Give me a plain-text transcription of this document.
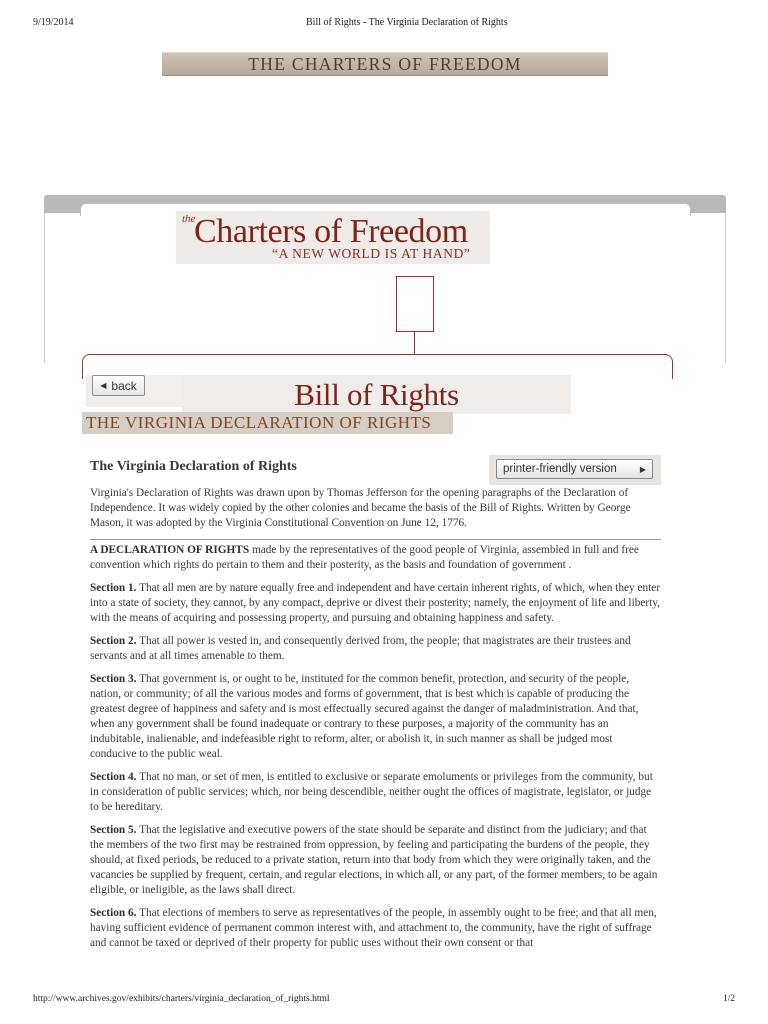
9/19/2014	Bill of Rights - The Virginia Declaration of Rights
THE CHARTERS OF FREEDOM
the
Charters of Freedom
“A NEW WORLD IS AT HAND”
◀ back	Bill of Rights
THE VIRGINIA DECLARATION OF RIGHTS
The Virginia Declaration of Rights	printer-friendly version	▶

Virginia's Declaration of Rights was drawn upon by Thomas Jefferson for the opening paragraphs of the Declaration of Independence. It was widely copied by the other colonies and became the basis of the Bill of Rights. Written by George Mason, it was adopted by the Virginia Constitutional Convention on June 12, 1776.

A DECLARATION OF RIGHTS made by the representatives of the good people of Virginia, assembled in full and free convention which rights do pertain to them and their posterity, as the basis and foundation of government .

Section 1. That all men are by nature equally free and independent and have certain inherent rights, of which, when they enter into a state of society, they cannot, by any compact, deprive or divest their posterity; namely, the enjoyment of life and liberty, with the means of acquiring and possessing property, and pursuing and obtaining happiness and safety.

Section 2. That all power is vested in, and consequently derived from, the people; that magistrates are their trustees and servants and at all times amenable to them.

Section 3. That government is, or ought to be, instituted for the common benefit, protection, and security of the people, nation, or community; of all the various modes and forms of government, that is best which is capable of producing the greatest degree of happiness and safety and is most effectually secured against the danger of maladministration. And that, when any government shall be found inadequate or contrary to these purposes, a majority of the community has an indubitable, inalienable, and indefeasible right to reform, alter, or abolish it, in such manner as shall be judged most conducive to the public weal.

Section 4. That no man, or set of men, is entitled to exclusive or separate emoluments or privileges from the community, but in consideration of public services; which, nor being descendible, neither ought the offices of magistrate, legislator, or judge to be hereditary.

Section 5. That the legislative and executive powers of the state should be separate and distinct from the judiciary; and that the members of the two first may be restrained from oppression, by feeling and participating the burdens of the people, they should, at fixed periods, be reduced to a private station, return into that body from which they were originally taken, and the vacancies be supplied by frequent, certain, and regular elections, in which all, or any part, of the former members, to be again eligible, or ineligible, as the laws shall direct.

Section 6. That elections of members to serve as representatives of the people, in assembly ought to be free; and that all men, having sufficient evidence of permanent common interest with, and attachment to, the community, have the right of suffrage and cannot be taxed or deprived of their property for public uses without their own consent or that

http://www.archives.gov/exhibits/charters/virginia_declaration_of_rights.html	1/2
